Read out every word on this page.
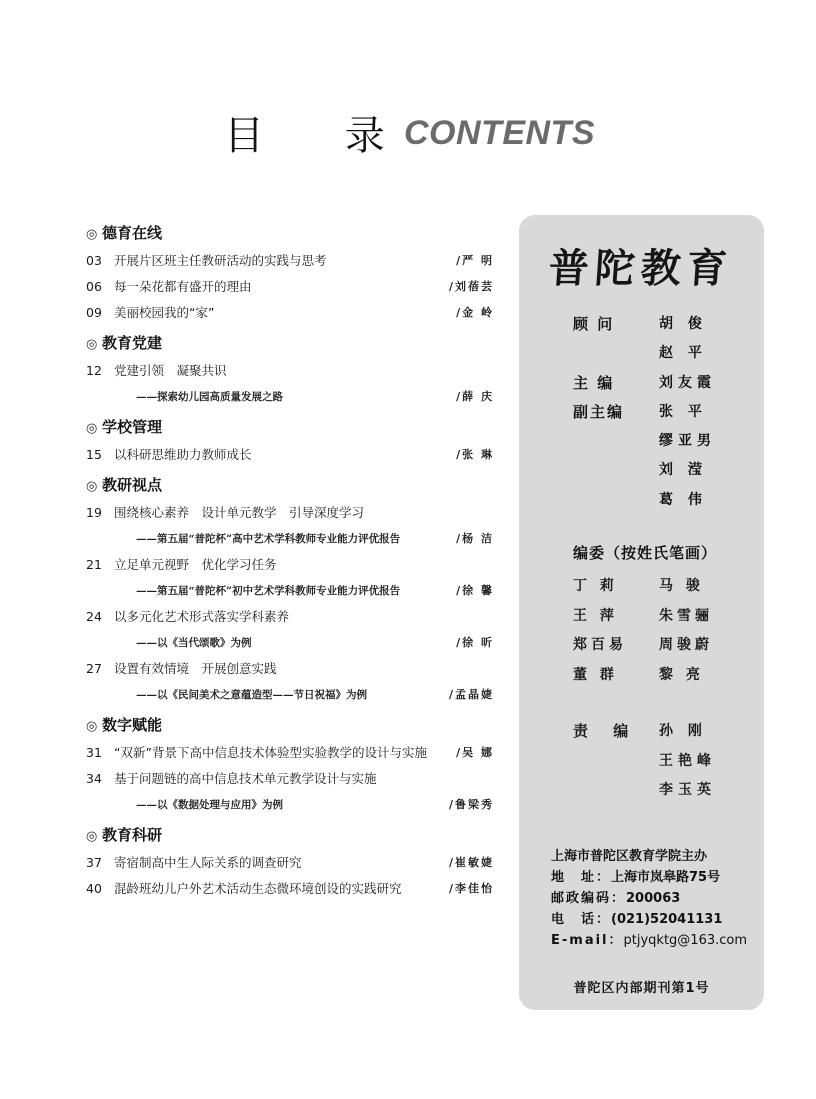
目 录
CONTENTS
◎ 德育在线
03 开展片区班主任教研活动的实践与思考	/严 明
06 每一朵花都有盛开的理由	/刘蓓芸
09 美丽校园我的“家”	/金 岭
◎ 教育党建
12 党建引领　凝聚共识
——探索幼儿园高质量发展之路	/薛 庆
◎ 学校管理
15 以科研思维助力教师成长	/张 琳
◎ 教研视点
19 围绕核心素养　设计单元教学　引导深度学习
——第五届“普陀杯”高中艺术学科教师专业能力评优报告	/杨 洁
21 立足单元视野　优化学习任务
——第五届“普陀杯”初中艺术学科教师专业能力评优报告	/徐 馨
24 以多元化艺术形式落实学科素养
——以《当代颂歌》为例	/徐 昕
27 设置有效情境　开展创意实践
——以《民间美术之意蕴造型——节日祝福》为例	/孟晶婕
◎ 数字赋能
31 “双新”背景下高中信息技术体验型实验教学的设计与实施	/吴 娜
34 基于问题链的高中信息技术单元教学设计与实施
——以《数据处理与应用》为例	/鲁梁秀
◎ 教育科研
37 寄宿制高中生人际关系的调查研究	/崔敏婕
40 混龄班幼儿户外艺术活动生态微环境创设的实践研究	/李佳怡
普陀教育
顾 问	胡 俊
赵 平
主 编	刘友霞
副主编 张 平
缪亚男
刘 滢
葛 伟
编委（按姓氏笔画）
丁 莉	马 骏
王 萍	朱雪骊
郑百易 周骏蔚
董 群	黎 亮
责 编 孙 刚
王艳峰
李玉英
上海市普陀区教育学院主办
地　址：上海市岚皋路75号
邮政编码：200063
电　话：(021)52041131
E-mail：ptjyqktg@163.com
普陀区内部期刊第1号
